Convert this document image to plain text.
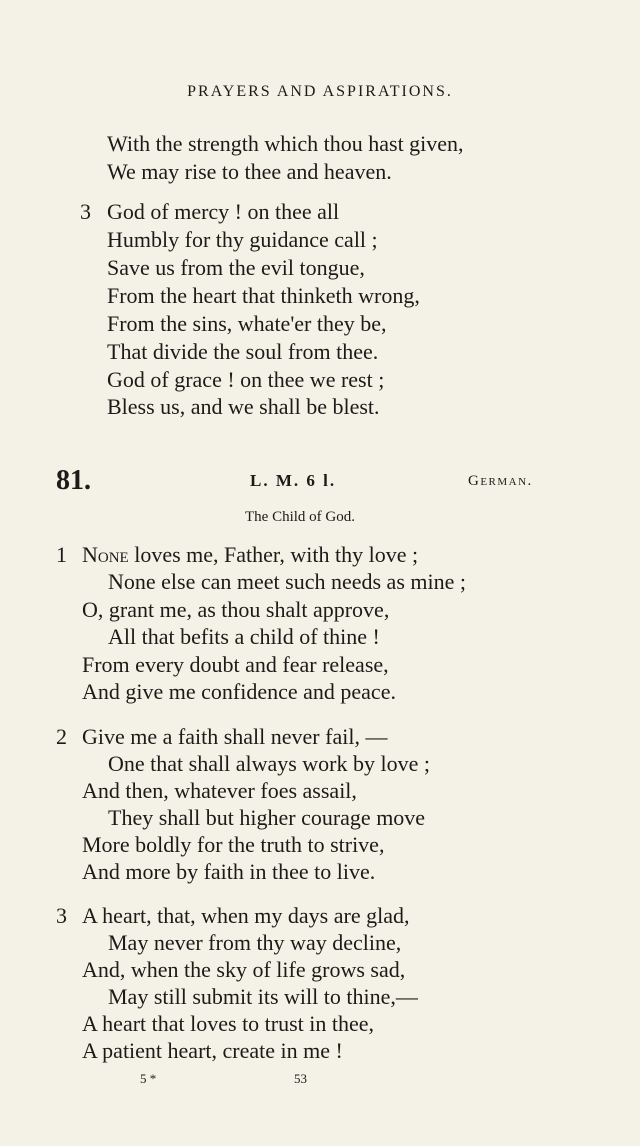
PRAYERS AND ASPIRATIONS.
With the strength which thou hast given,
We may rise to thee and heaven.
3 God of mercy ! on thee all
Humbly for thy guidance call ;
Save us from the evil tongue,
From the heart that thinketh wrong,
From the sins, whate'er they be,
That divide the soul from thee.
God of grace ! on thee we rest ;
Bless us, and we shall be blest.
81.	L. M. 6 l.	German.
The Child of God.
1 None loves me, Father, with thy love ;
None else can meet such needs as mine ;
O, grant me, as thou shalt approve,
All that befits a child of thine !
From every doubt and fear release,
And give me confidence and peace.
2 Give me a faith shall never fail, —
One that shall always work by love ;
And then, whatever foes assail,
They shall but higher courage move
More boldly for the truth to strive,
And more by faith in thee to live.
3 A heart, that, when my days are glad,
May never from thy way decline,
And, when the sky of life grows sad,
May still submit its will to thine,—
A heart that loves to trust in thee,
A patient heart, create in me !
5 *	53
